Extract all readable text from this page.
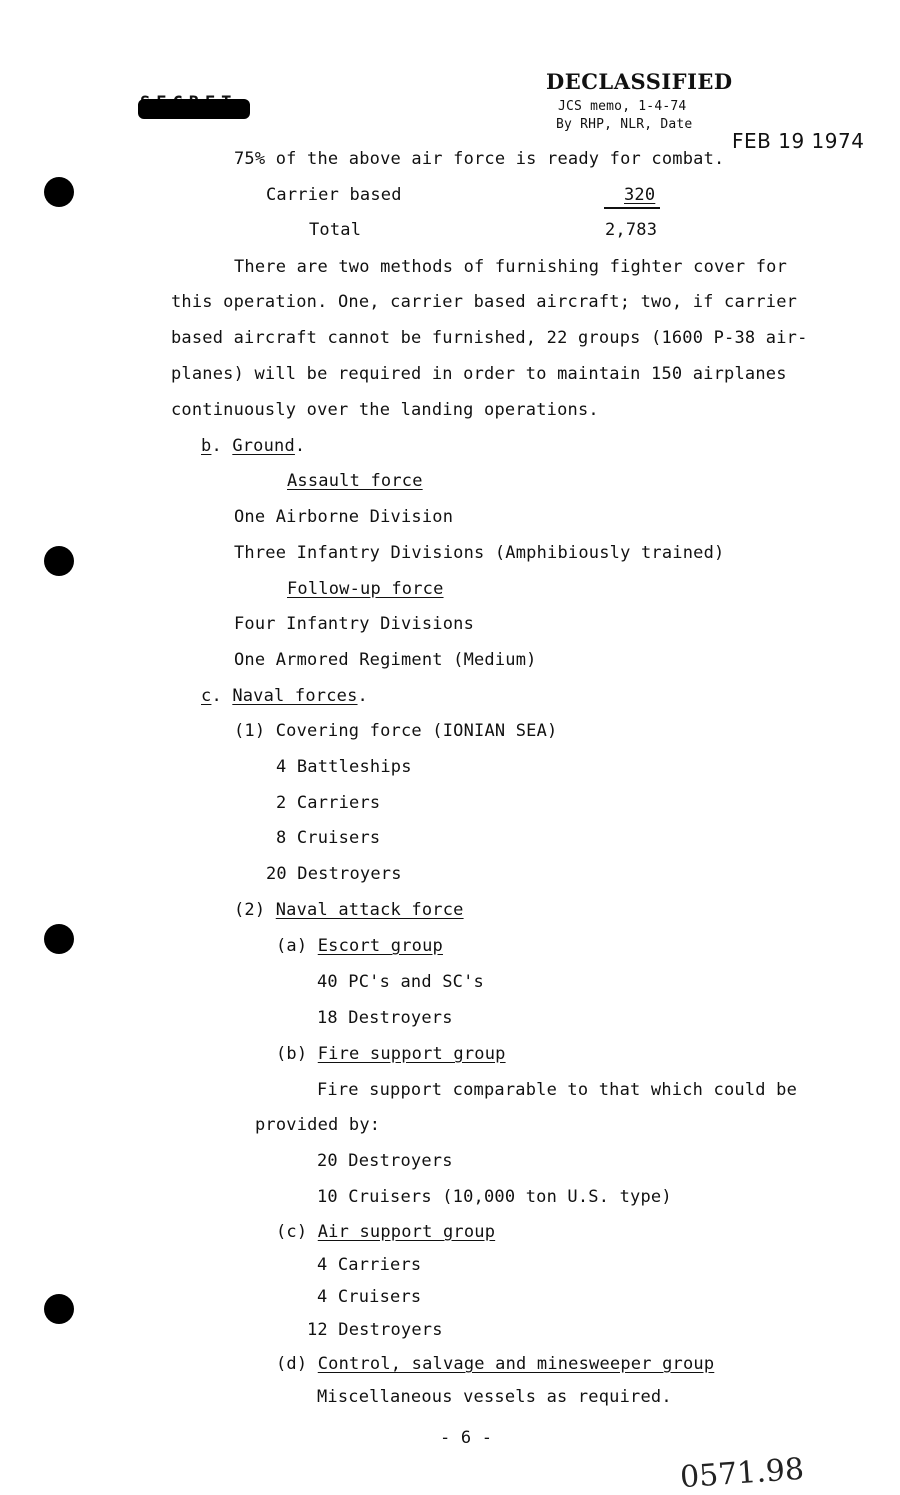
DECLASSIFIED
JCS memo, 1-4-74
By RHP, NLR, Date
FEB 19 1974
75% of the above air force is ready for combat.
Carrier based	320
Total	2,783
There are two methods of furnishing fighter cover for
this operation. One, carrier based aircraft; two, if carrier
based aircraft cannot be furnished, 22 groups (1600 P-38 air-
planes) will be required in order to maintain 150 airplanes
continuously over the landing operations.
b. Ground.
Assault force
One Airborne Division
Three Infantry Divisions (Amphibiously trained)
Follow-up force
Four Infantry Divisions
One Armored Regiment (Medium)
c. Naval forces.
(1) Covering force (IONIAN SEA)
4 Battleships
2 Carriers
8 Cruisers
20 Destroyers
(2) Naval attack force
(a) Escort group
40 PC's and SC's
18 Destroyers
(b) Fire support group
Fire support comparable to that which could be
provided by:
20 Destroyers
10 Cruisers (10,000 ton U.S. type)
(c) Air support group
4 Carriers
4 Cruisers
12 Destroyers
(d) Control, salvage and minesweeper group
Miscellaneous vessels as required.
- 6 -
0571.98
